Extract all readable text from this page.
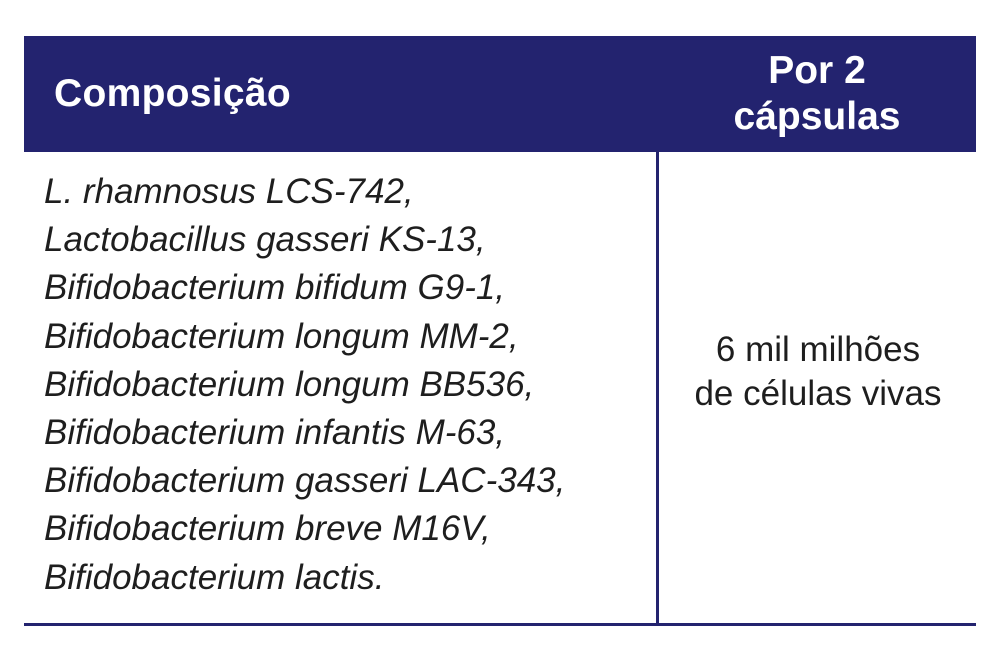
Composição
Por 2
cápsulas
L. rhamnosus LCS-742,
Lactobacillus gasseri KS-13,
Bifidobacterium bifidum G9-1,
Bifidobacterium longum MM-2,
Bifidobacterium longum BB536,
Bifidobacterium infantis M-63,
Bifidobacterium gasseri LAC-343,
Bifidobacterium breve M16V,
Bifidobacterium lactis.
6 mil milhões
de células vivas
